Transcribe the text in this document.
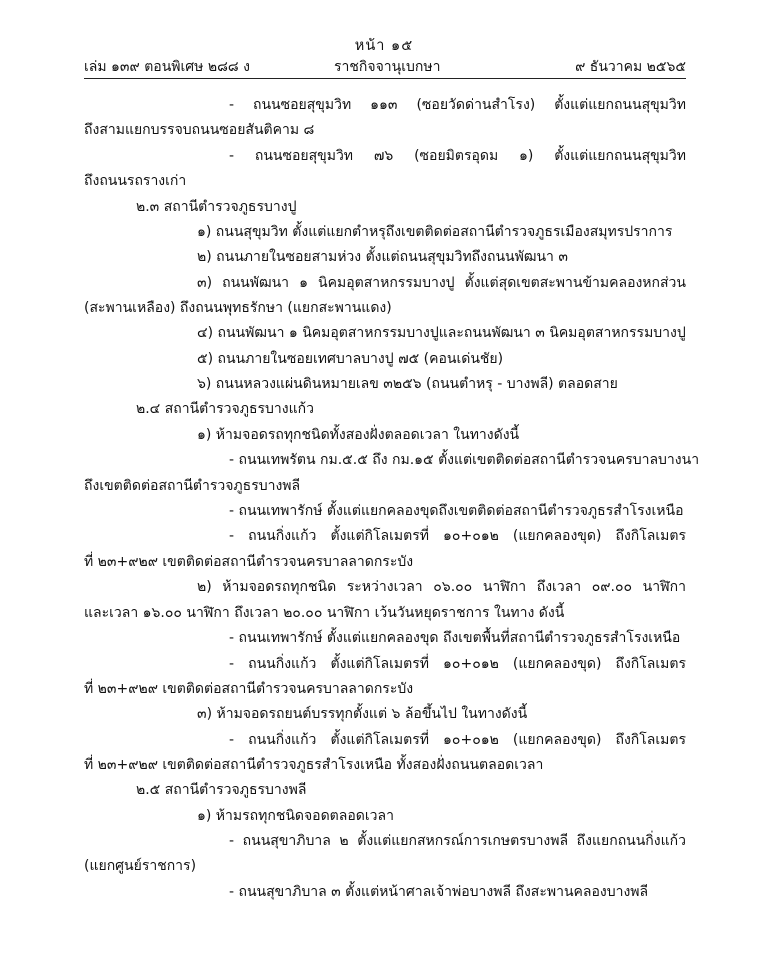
หน้า ๑๕
เล่ม ๑๓๙ ตอนพิเศษ ๒๘๘ ง	ราชกิจจานุเบกษา	๙ ธันวาคม ๒๕๖๕
- ถนนซอยสุขุมวิท ๑๑๓ (ซอยวัดด่านสำโรง) ตั้งแต่แยกถนนสุขุมวิท
ถึงสามแยกบรรจบถนนซอยสันติคาม ๘
- ถนนซอยสุขุมวิท ๗๖ (ซอยมิตรอุดม ๑) ตั้งแต่แยกถนนสุขุมวิท
ถึงถนนรถรางเก่า
๒.๓ สถานีตำรวจภูธรบางปู
๑) ถนนสุขุมวิท ตั้งแต่แยกตำหรุถึงเขตติดต่อสถานีตำรวจภูธรเมืองสมุทรปราการ
๒) ถนนภายในซอยสามห่วง ตั้งแต่ถนนสุขุมวิทถึงถนนพัฒนา ๓
๓) ถนนพัฒนา ๑ นิคมอุตสาหกรรมบางปู ตั้งแต่สุดเขตสะพานข้ามคลองหกส่วน
(สะพานเหลือง) ถึงถนนพุทธรักษา (แยกสะพานแดง)
๔) ถนนพัฒนา ๑ นิคมอุตสาหกรรมบางปูและถนนพัฒนา ๓ นิคมอุตสาหกรรมบางปู
๕) ถนนภายในซอยเทศบาลบางปู ๗๕ (คอนเด่นชัย)
๖) ถนนหลวงแผ่นดินหมายเลข ๓๒๕๖ (ถนนตำหรุ - บางพลี) ตลอดสาย
๒.๔ สถานีตำรวจภูธรบางแก้ว
๑) ห้ามจอดรถทุกชนิดทั้งสองฝั่งตลอดเวลา ในทางดังนี้
- ถนนเทพรัตน กม.๕.๕ ถึง กม.๑๕ ตั้งแต่เขตติดต่อสถานีตำรวจนครบาลบางนา
ถึงเขตติดต่อสถานีตำรวจภูธรบางพลี
- ถนนเทพารักษ์ ตั้งแต่แยกคลองขุดถึงเขตติดต่อสถานีตำรวจภูธรสำโรงเหนือ
- ถนนกิ่งแก้ว ตั้งแต่กิโลเมตรที่ ๑๐+๐๑๒ (แยกคลองขุด) ถึงกิโลเมตร
ที่ ๒๓+๙๒๙ เขตติดต่อสถานีตำรวจนครบาลลาดกระบัง
๒) ห้ามจอดรถทุกชนิด ระหว่างเวลา ๐๖.๐๐ นาฬิกา ถึงเวลา ๐๙.๐๐ นาฬิกา
และเวลา ๑๖.๐๐ นาฬิกา ถึงเวลา ๒๐.๐๐ นาฬิกา เว้นวันหยุดราชการ ในทาง ดังนี้
- ถนนเทพารักษ์ ตั้งแต่แยกคลองขุด ถึงเขตพื้นที่สถานีตำรวจภูธรสำโรงเหนือ
- ถนนกิ่งแก้ว ตั้งแต่กิโลเมตรที่ ๑๐+๐๑๒ (แยกคลองขุด) ถึงกิโลเมตร
ที่ ๒๓+๙๒๙ เขตติดต่อสถานีตำรวจนครบาลลาดกระบัง
๓) ห้ามจอดรถยนต์บรรทุกตั้งแต่ ๖ ล้อขึ้นไป ในทางดังนี้
- ถนนกิ่งแก้ว ตั้งแต่กิโลเมตรที่ ๑๐+๐๑๒ (แยกคลองขุด) ถึงกิโลเมตร
ที่ ๒๓+๙๒๙ เขตติดต่อสถานีตำรวจภูธรสำโรงเหนือ ทั้งสองฝั่งถนนตลอดเวลา
๒.๕ สถานีตำรวจภูธรบางพลี
๑) ห้ามรถทุกชนิดจอดตลอดเวลา
- ถนนสุขาภิบาล ๒ ตั้งแต่แยกสหกรณ์การเกษตรบางพลี ถึงแยกถนนกิ่งแก้ว
(แยกศูนย์ราชการ)
- ถนนสุขาภิบาล ๓ ตั้งแต่หน้าศาลเจ้าพ่อบางพลี ถึงสะพานคลองบางพลี
